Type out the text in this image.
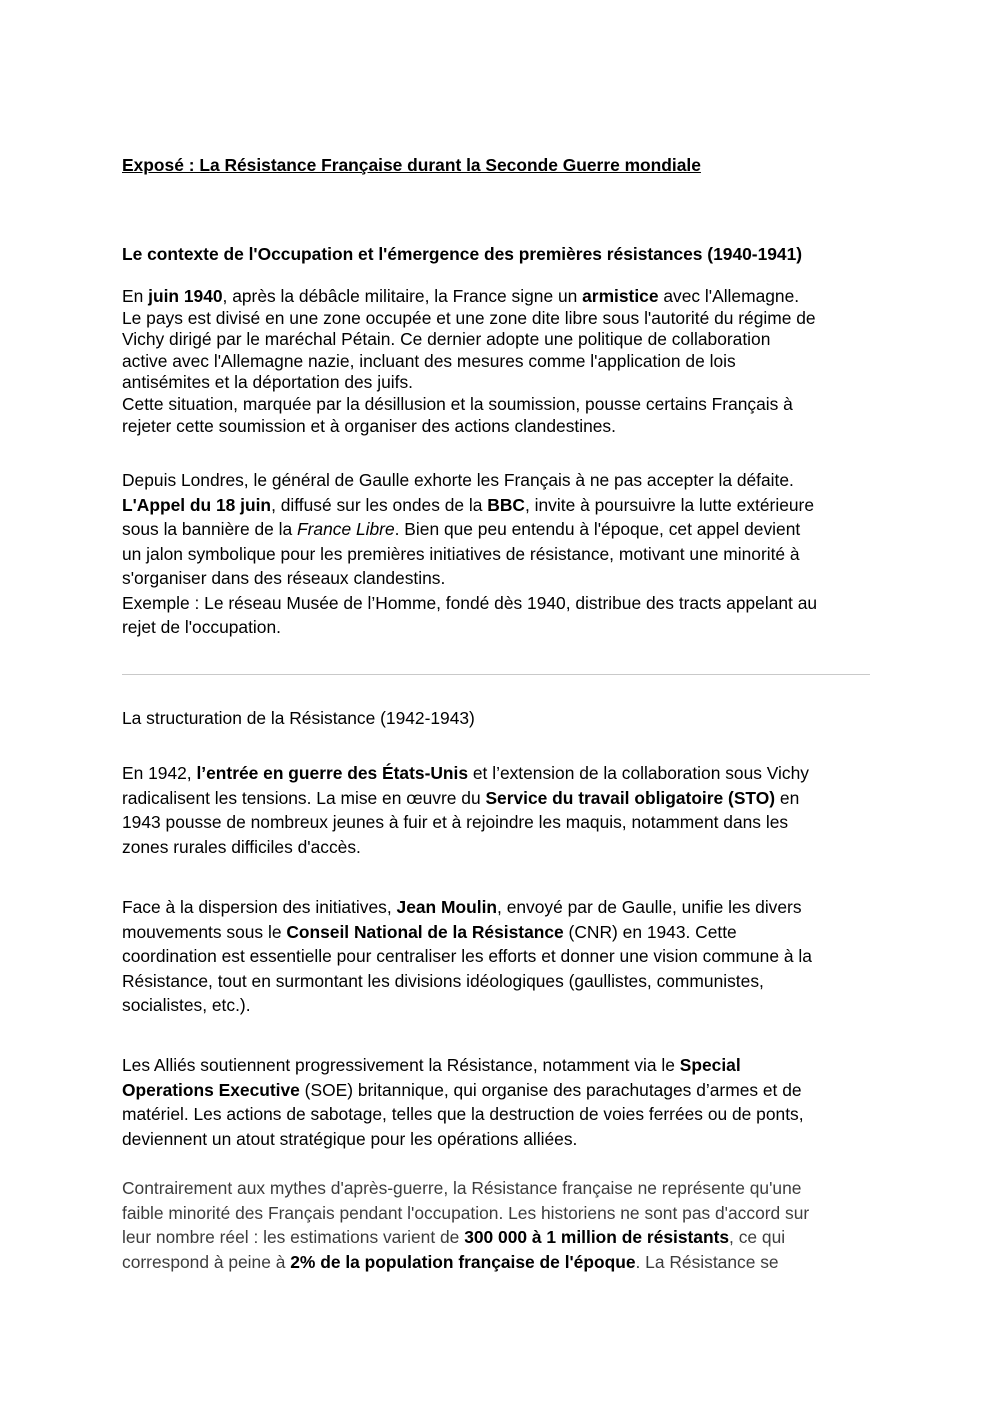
Exposé : La Résistance Française durant la Seconde Guerre mondiale
Le contexte de l'Occupation et l'émergence des premières résistances (1940-1941)

En juin 1940, après la débâcle militaire, la France signe un armistice avec l'Allemagne.

Le pays est divisé en une zone occupée et une zone dite libre sous l'autorité du régime de

Vichy dirigé par le maréchal Pétain. Ce dernier adopte une politique de collaboration

active avec l'Allemagne nazie, incluant des mesures comme l'application de lois

antisémites et la déportation des juifs.

Cette situation, marquée par la désillusion et la soumission, pousse certains Français à

rejeter cette soumission et à organiser des actions clandestines.

Depuis Londres, le général de Gaulle exhorte les Français à ne pas accepter la défaite.

L'Appel du 18 juin, diffusé sur les ondes de la BBC, invite à poursuivre la lutte extérieure

sous la bannière de la France Libre. Bien que peu entendu à l'époque, cet appel devient

un jalon symbolique pour les premières initiatives de résistance, motivant une minorité à

s'organiser dans des réseaux clandestins.

Exemple : Le réseau Musée de l’Homme, fondé dès 1940, distribue des tracts appelant au

rejet de l'occupation.

La structuration de la Résistance (1942-1943)

En 1942, l’entrée en guerre des États-Unis et l’extension de la collaboration sous Vichy

radicalisent les tensions. La mise en œuvre du Service du travail obligatoire (STO) en

1943 pousse de nombreux jeunes à fuir et à rejoindre les maquis, notamment dans les

zones rurales difficiles d'accès.

Face à la dispersion des initiatives, Jean Moulin, envoyé par de Gaulle, unifie les divers

mouvements sous le Conseil National de la Résistance (CNR) en 1943. Cette

coordination est essentielle pour centraliser les efforts et donner une vision commune à la

Résistance, tout en surmontant les divisions idéologiques (gaullistes, communistes,

socialistes, etc.).

Les Alliés soutiennent progressivement la Résistance, notamment via le Special

Operations Executive (SOE) britannique, qui organise des parachutages d’armes et de

matériel. Les actions de sabotage, telles que la destruction de voies ferrées ou de ponts,

deviennent un atout stratégique pour les opérations alliées.

Contrairement aux mythes d'après-guerre, la Résistance française ne représente qu'une

faible minorité des Français pendant l'occupation. Les historiens ne sont pas d'accord sur

leur nombre réel : les estimations varient de 300 000 à 1 million de résistants, ce qui

correspond à peine à 2% de la population française de l'époque. La Résistance se
